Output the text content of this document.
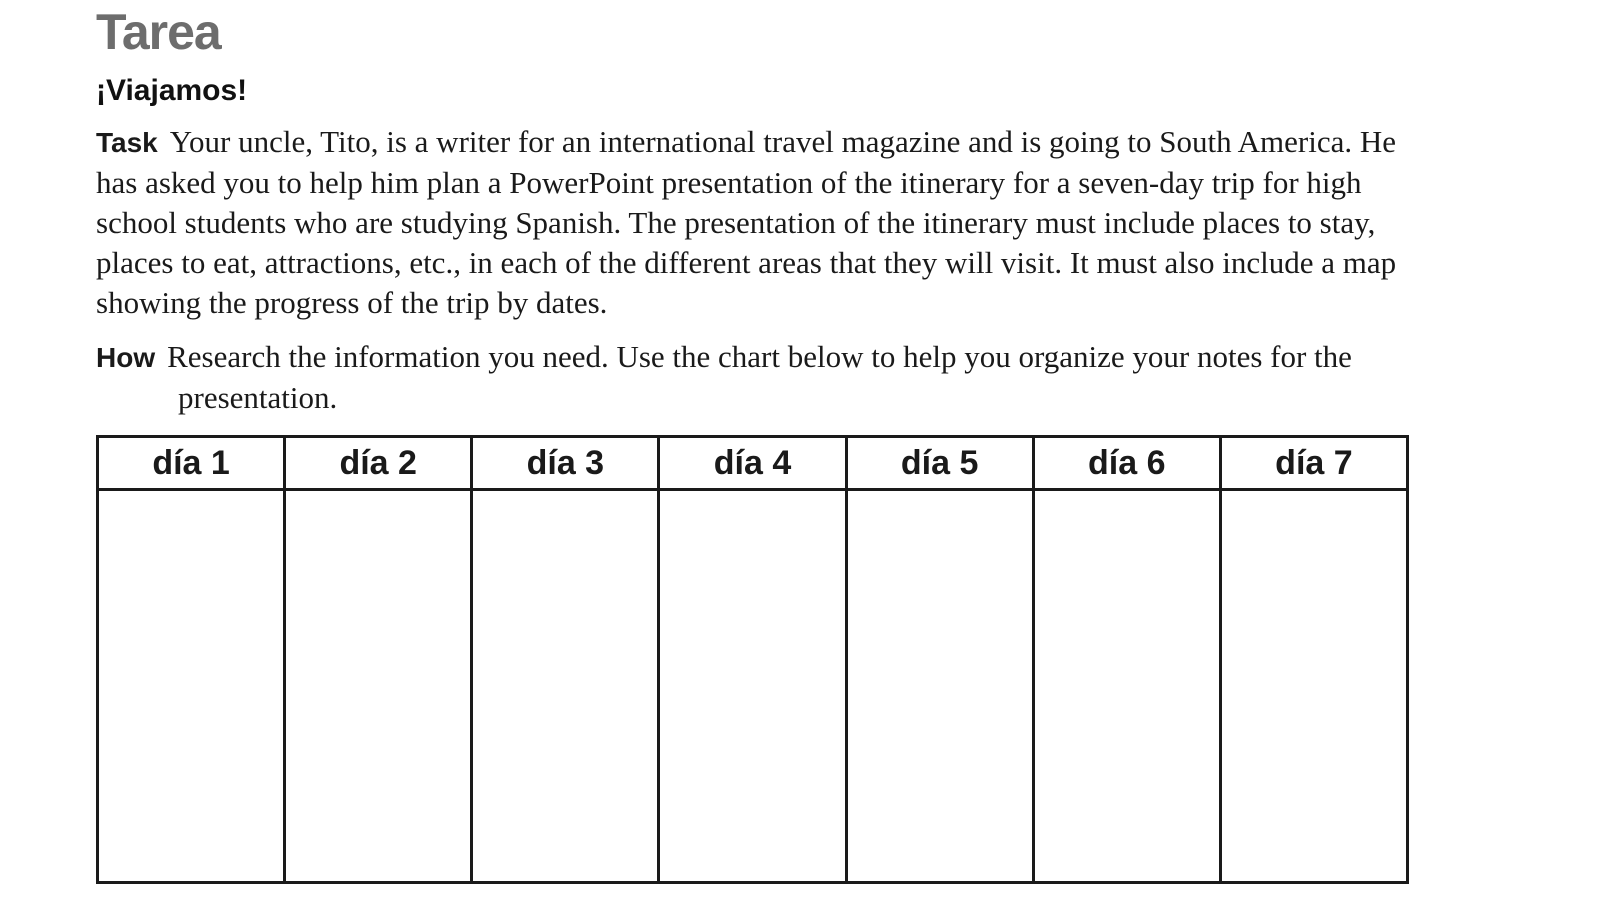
Tarea
¡Viajamos!

Task Your uncle, Tito, is a writer for an international travel magazine and is going to South America. He has asked you to help him plan a PowerPoint presentation of the itinerary for a seven-day trip for high school students who are studying Spanish. The presentation of the itinerary must include places to stay, places to eat, attractions, etc., in each of the different areas that they will visit. It must also include a map showing the progress of the trip by dates.

How Research the information you need. Use the chart below to help you organize your notes for the presentation.

día 1	día 2	día 3	día 4	día 5	día 6	día 7
